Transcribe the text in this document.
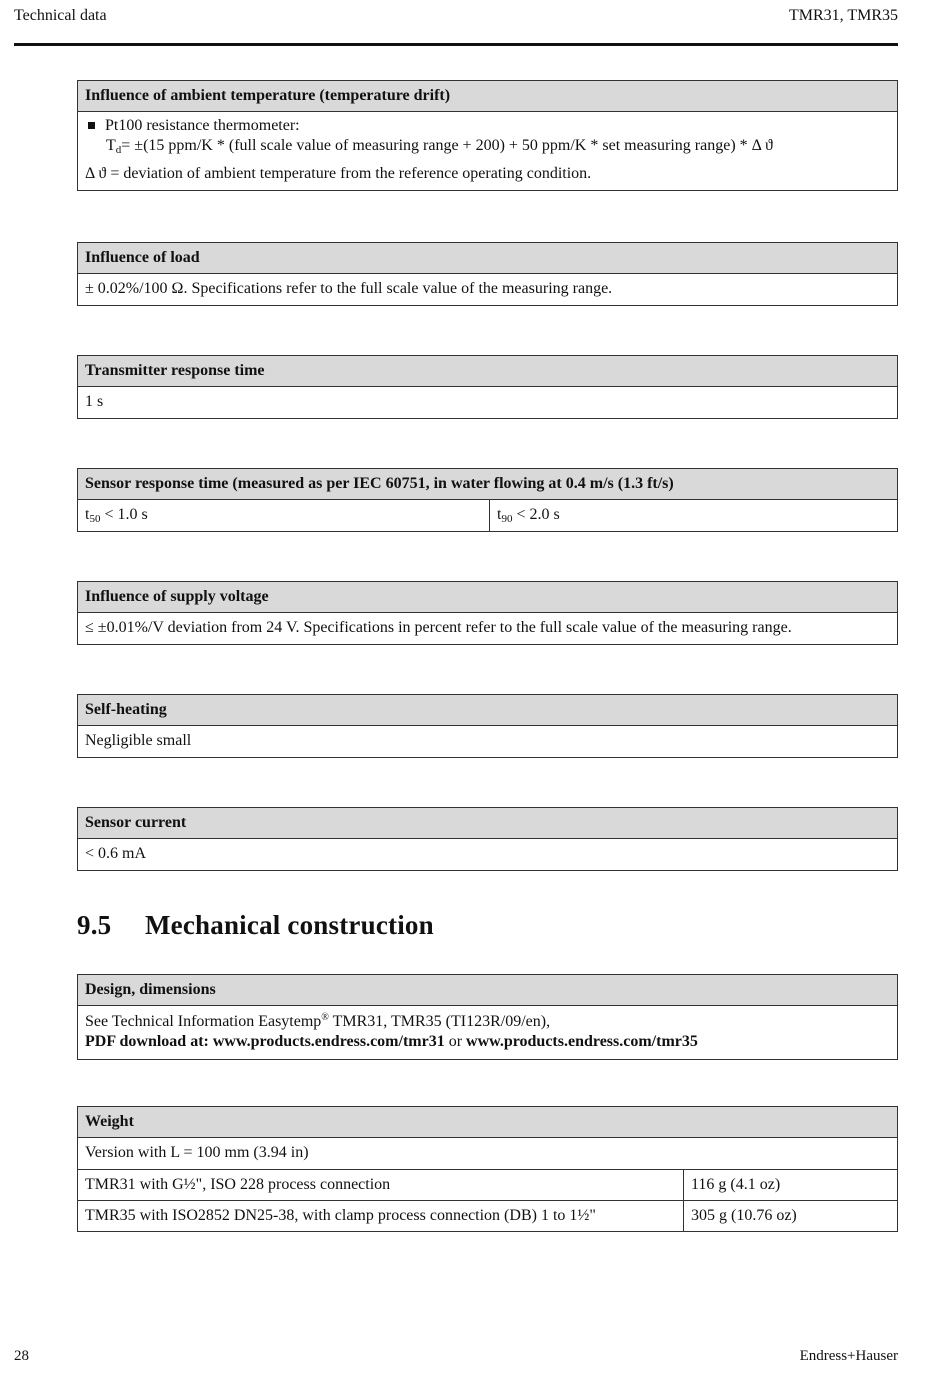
Technical data	TMR31, TMR35
Influence of ambient temperature (temperature drift)
Pt100 resistance thermometer:
$T_d= \pm(15$ ppm/K * (full scale value of measuring range + 200) + 50 ppm/K * set measuring range) * Δ ϑ
Δ ϑ = deviation of ambient temperature from the reference operating condition.
Influence of load
± 0.02%/100 Ω. Specifications refer to the full scale value of the measuring range.
Transmitter response time
1 s
Sensor response time (measured as per IEC 60751, in water flowing at 0.4 m/s (1.3 ft/s)
$t_{50} < 1.0$ s	$t_{90} < 2.0$ s
Influence of supply voltage
≤ ±0.01%/V deviation from 24 V. Specifications in percent refer to the full scale value of the measuring range.
Self-heating
Negligible small
Sensor current
< 0.6 mA
9.5 Mechanical construction
Design, dimensions
See Technical Information Easytemp® TMR31, TMR35 (TI123R/09/en),
PDF download at: www.products.endress.com/tmr31 or www.products.endress.com/tmr35
Weight
Version with L = 100 mm (3.94 in)
TMR31 with G½", ISO 228 process connection	116 g (4.1 oz)
TMR35 with ISO2852 DN25-38, with clamp process connection (DB) 1 to 1½"	305 g (10.76 oz)
28	Endress+Hauser
